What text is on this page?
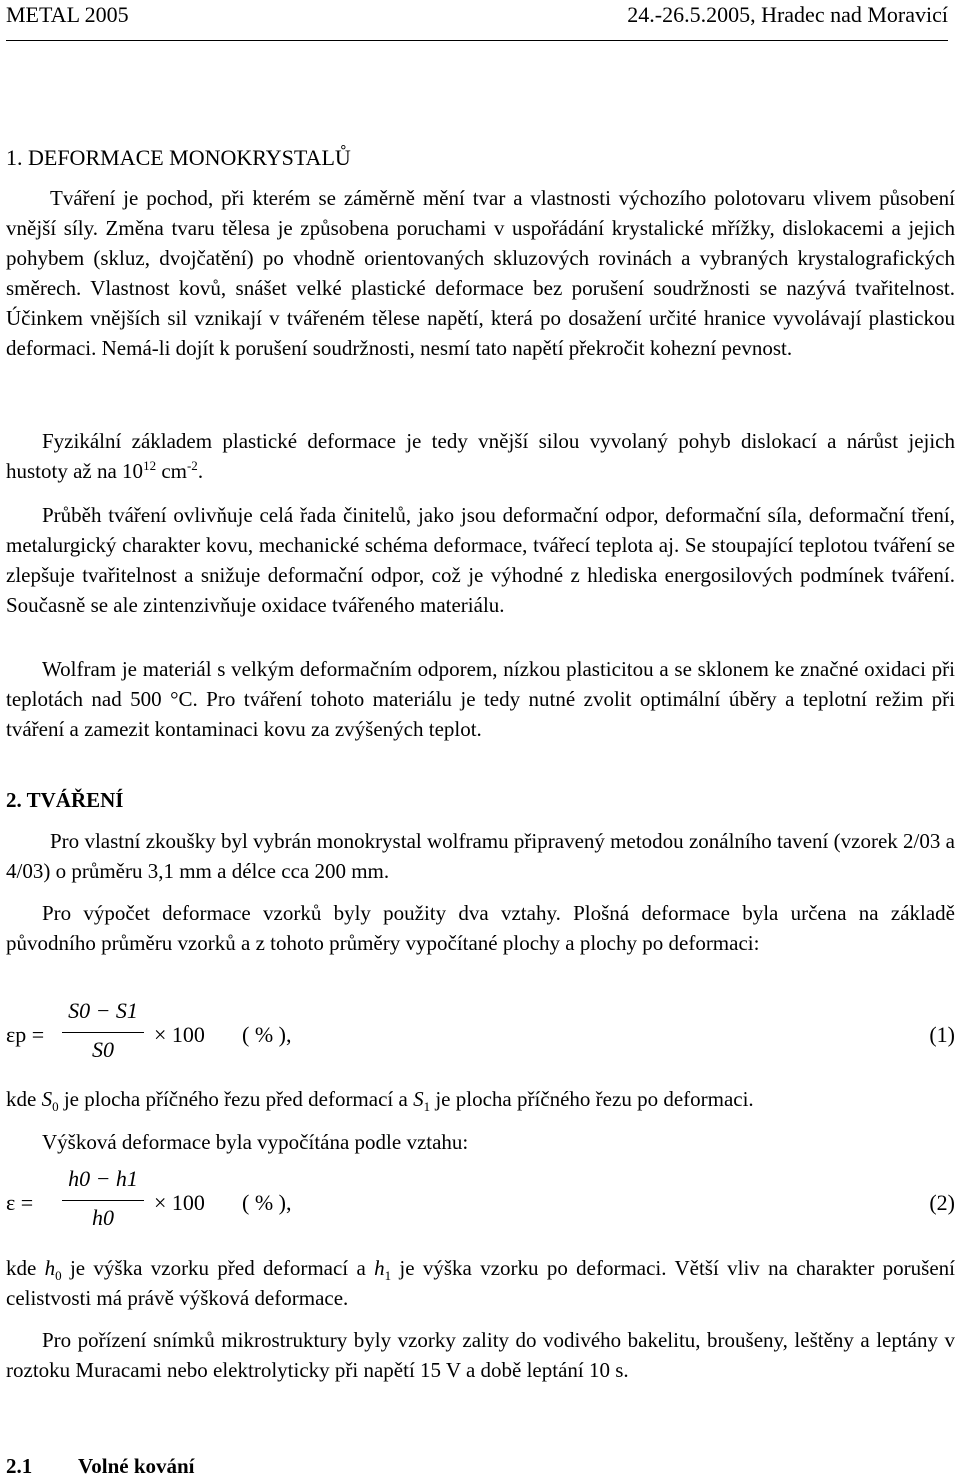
METAL 2005	24.-26.5.2005, Hradec nad Moravicí
1. DEFORMACE MONOKRYSTALŮ
Tváření je pochod, při kterém se záměrně mění tvar a vlastnosti výchozího polotovaru vlivem působení vnější síly. Změna tvaru tělesa je způsobena poruchami v uspořádání krystalické mřížky, dislokacemi a jejich pohybem (skluz, dvojčatění) po vhodně orientovaných skluzových rovinách a vybraných krystalografických směrech. Vlastnost kovů, snášet velké plastické deformace bez porušení soudržnosti se nazývá tvařitelnost. Účinkem vnějších sil vznikají v tvářeném tělese napětí, která po dosažení určité hranice vyvolávají plastickou deformaci. Nemá-li dojít k porušení soudržnosti, nesmí tato napětí překročit kohezní pevnost.
Fyzikální základem plastické deformace je tedy vnější silou vyvolaný pohyb dislokací a nárůst jejich hustoty až na $10^{12}$ $cm^{-2}$.
Průběh tváření ovlivňuje celá řada činitelů, jako jsou deformační odpor, deformační síla, deformační tření, metalurgický charakter kovu, mechanické schéma deformace, tvářecí teplota aj. Se stoupající teplotou tváření se zlepšuje tvařitelnost a snižuje deformační odpor, což je výhodné z hlediska energosilových podmínek tváření. Současně se ale zintenzivňuje oxidace tvářeného materiálu.
Wolfram je materiál s velkým deformačním odporem, nízkou plasticitou a se sklonem ke značné oxidaci při teplotách nad 500 °C. Pro tváření tohoto materiálu je tedy nutné zvolit optimální úběry a teplotní režim při tváření a zamezit kontaminaci kovu za zvýšených teplot.
2. TVÁŘENÍ
Pro vlastní zkoušky byl vybrán monokrystal wolframu připravený metodou zonálního tavení (vzorek 2/03 a 4/03) o průměru 3,1 mm a délce cca 200 mm.
Pro výpočet deformace vzorků byly použity dva vztahy. Plošná deformace byla určena na základě původního průměru vzorků a z tohoto průměry vypočítané plochy a plochy po deformaci:
εp =
S0 − S1
S0
× 100 ( % ),	(1)
kde $S_0$ je plocha příčného řezu před deformací a $S_1$ je plocha příčného řezu po deformaci.
Výšková deformace byla vypočítána podle vztahu:
ε =
h0 − h1
h0
× 100 ( % ),	(2)
kde $h_0$ je výška vzorku před deformací a $h_1$ je výška vzorku po deformaci. Větší vliv na charakter porušení celistvosti má právě výšková deformace.
Pro pořízení snímků mikrostruktury byly vzorky zality do vodivého bakelitu, broušeny, leštěny a leptány v roztoku Muracami nebo elektrolyticky při napětí 15 V a době leptání 10 s.
2.1 Volné kování
